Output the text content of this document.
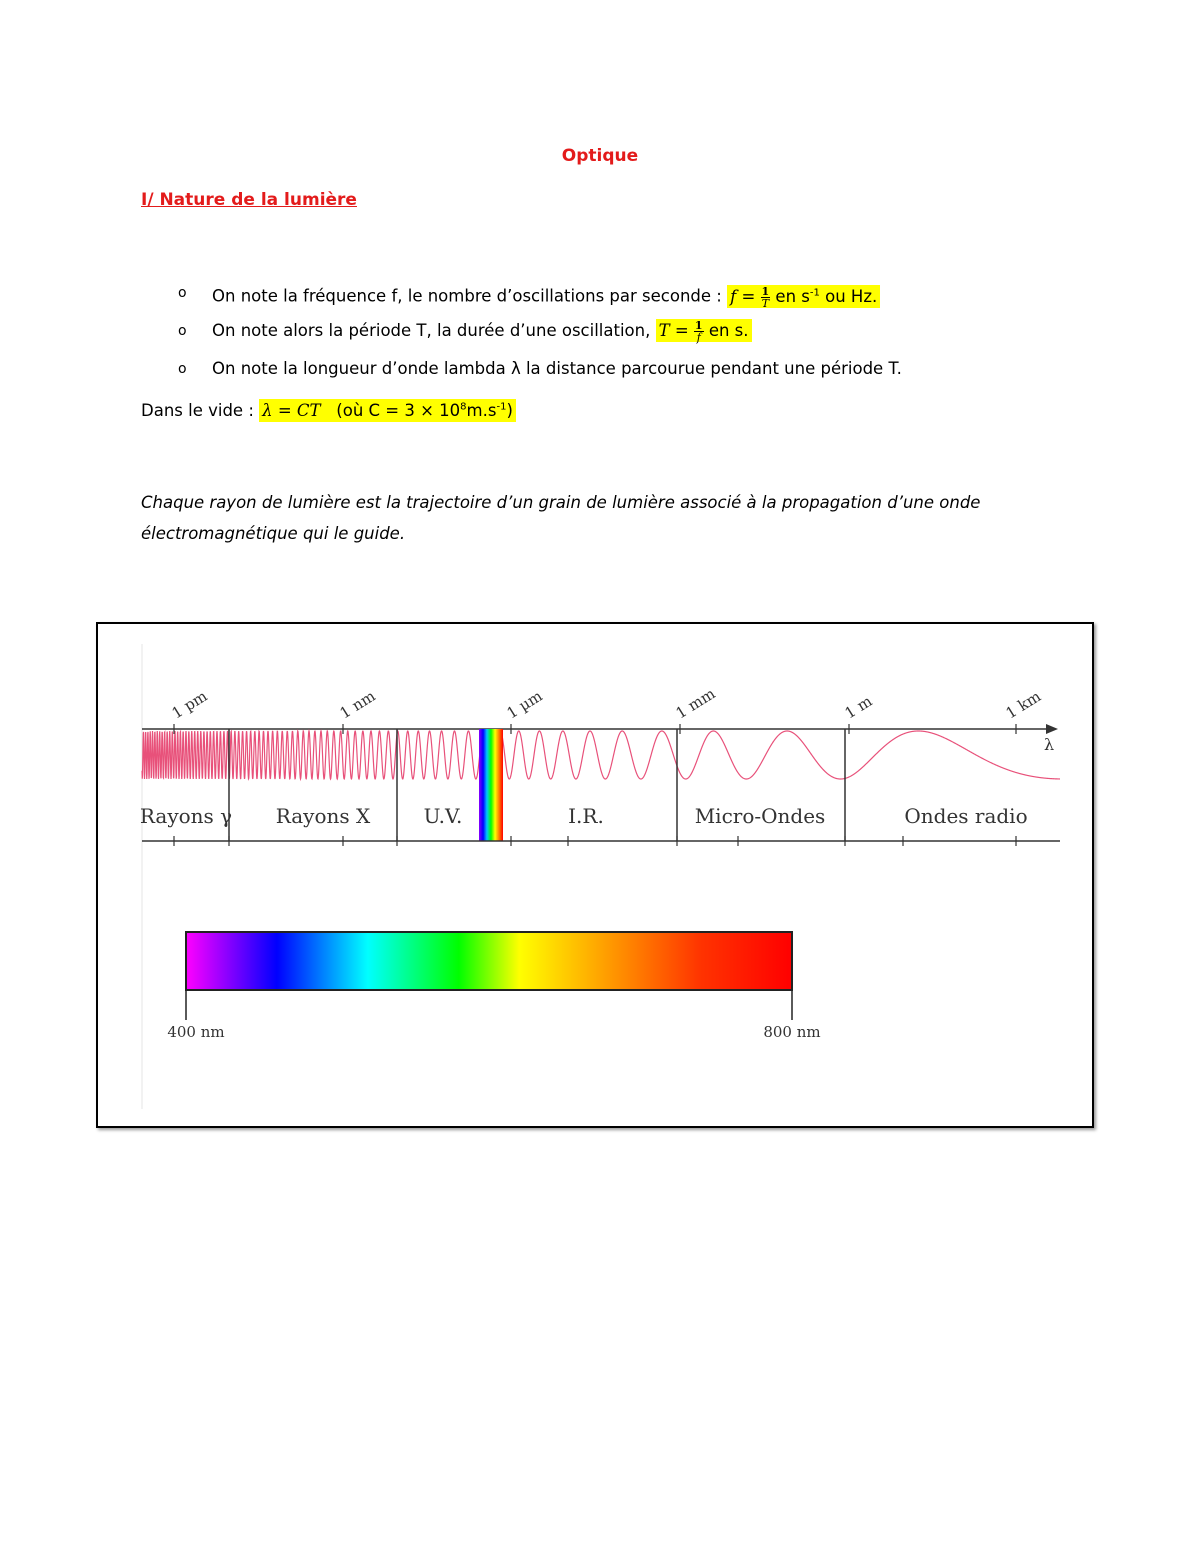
Optique
I/ Nature de la lumière
o On note la fréquence f, le nombre d’oscillations par seconde : $f = \frac{1}{T}$ en $s^{-1}$ ou Hz.
o On note alors la période T, la durée d’une oscillation, $T = \frac{1}{f}$ en s.
o On note la longueur d’onde lambda λ la distance parcourue pendant une période T.
Dans le vide : λ = CT (où $C = 3 \times 10^8m.s^{-1}$)
Chaque rayon de lumière est la trajectoire d’un grain de lumière associé à la propagation d’une onde électromagnétique qui le guide.
λ
1 pm	1 nm	1 µm	1 mm	1 m	1 km
Rayons γ Rayons X	U.V.	I.R.	Micro-Ondes	Ondes radio
400 nm	800 nm
